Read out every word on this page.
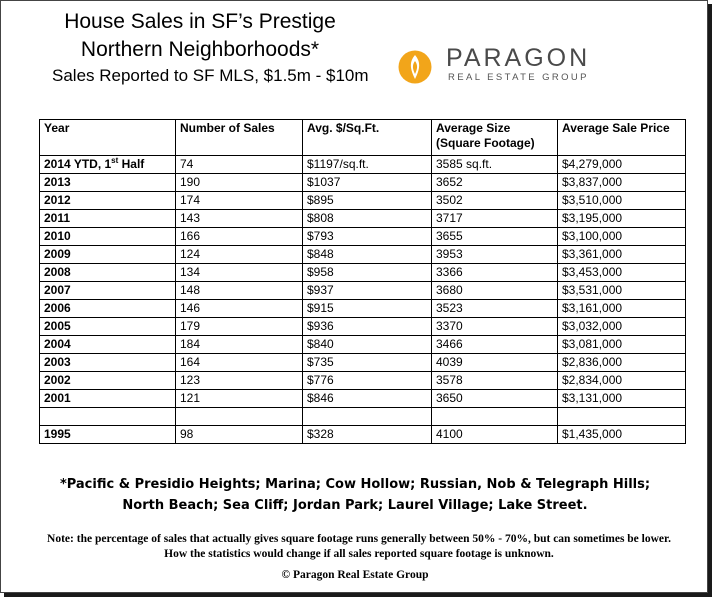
House Sales in SF’s Prestige
Northern Neighborhoods*
Sales Reported to SF MLS, $1.5m - $10m
PARAGON
REAL ESTATE GROUP
Year	Number of Sales	Avg. $/Sq.Ft.	Average Size (Square Footage)	Average Sale Price
2014 YTD, 1st Half	74	$1197/sq.ft.	3585 sq.ft.	$4,279,000
2013	190	$1037	3652	$3,837,000
2012	174	$895	3502	$3,510,000
2011	143	$808	3717	$3,195,000
2010	166	$793	3655	$3,100,000
2009	124	$848	3953	$3,361,000
2008	134	$958	3366	$3,453,000
2007	148	$937	3680	$3,531,000
2006	146	$915	3523	$3,161,000
2005	179	$936	3370	$3,032,000
2004	184	$840	3466	$3,081,000
2003	164	$735	4039	$2,836,000
2002	123	$776	3578	$2,834,000
2001	121	$846	3650	$3,131,000

1995	98	$328	4100	$1,435,000
*Pacific & Presidio Heights; Marina; Cow Hollow; Russian, Nob & Telegraph Hills; North Beach; Sea Cliff; Jordan Park; Laurel Village; Lake Street.
Note: the percentage of sales that actually gives square footage runs generally between 50% - 70%, but can sometimes be lower. How the statistics would change if all sales reported square footage is unknown.
© Paragon Real Estate Group
